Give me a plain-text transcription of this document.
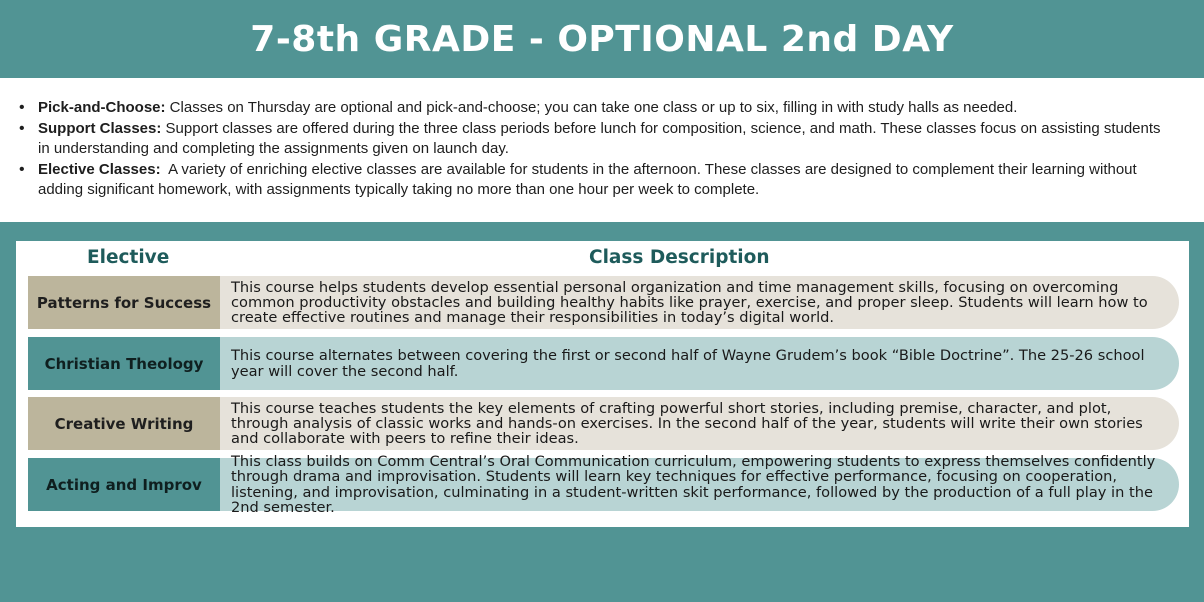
7-8th GRADE - OPTIONAL 2nd DAY
• Pick-and-Choose: Classes on Thursday are optional and pick-and-choose; you can take one class or up to six, filling in with study halls as needed.
• Support Classes: Support classes are offered during the three class periods before lunch for composition, science, and math. These classes focus on assisting students in understanding and completing the assignments given on launch day.
• Elective Classes:  A variety of enriching elective classes are available for students in the afternoon. These classes are designed to complement their learning without adding significant homework, with assignments typically taking no more than one hour per week to complete.
Elective	Class Description
Patterns for Success
This course helps students develop essential personal organization and time management skills, focusing on overcoming common productivity obstacles and building healthy habits like prayer, exercise, and proper sleep. Students will learn how to create effective routines and manage their responsibilities in today’s digital world.
Christian Theology	This course alternates between covering the first or second half of Wayne Grudem’s book “Bible Doctrine”. The 25-26 school year will cover the second half.
Creative Writing
This course teaches students the key elements of crafting powerful short stories, including premise, character, and plot, through analysis of classic works and hands-on exercises. In the second half of the year, students will write their own stories and collaborate with peers to refine their ideas.
Acting and Improv
This class builds on Comm Central’s Oral Communication curriculum, empowering students to express themselves confidently through drama and improvisation. Students will learn key techniques for effective performance, focusing on cooperation, listening, and improvisation, culminating in a student-written skit performance, followed by the production of a full play in the 2nd semester.
